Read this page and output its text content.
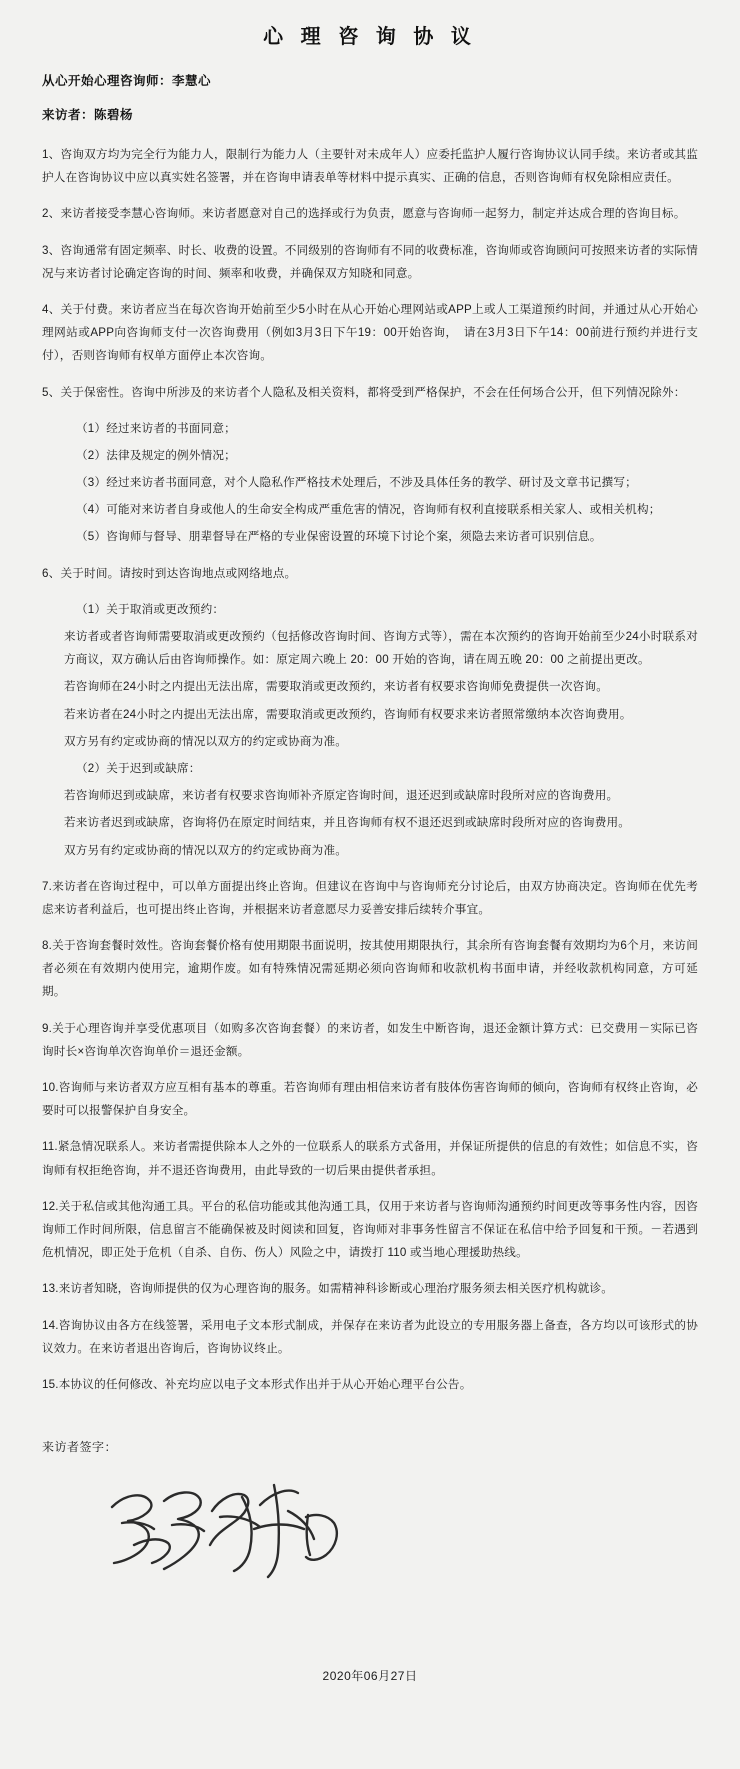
心 理 咨 询 协 议
从心开始心理咨询师：李慧心
来访者：陈碧杨

1、咨询双方均为完全行为能力人，限制行为能力人（主要针对未成年人）应委托监护人履行咨询协议认同手续。来访者或其监护人在咨询协议中应以真实姓名签署，并在咨询申请表单等材料中提示真实、正确的信息，否则咨询师有权免除相应责任。

2、来访者接受李慧心咨询师。来访者愿意对自己的选择或行为负责，愿意与咨询师一起努力，制定并达成合理的咨询目标。

3、咨询通常有固定频率、时长、收费的设置。不同级别的咨询师有不同的收费标准，咨询师或咨询顾问可按照来访者的实际情况与来访者讨论确定咨询的时间、频率和收费，并确保双方知晓和同意。

4、关于付费。来访者应当在每次咨询开始前至少5小时在从心开始心理网站或APP上或人工渠道预约时间，并通过从心开始心理网站或APP向咨询师支付一次咨询费用（例如3月3日下午19：00开始咨询，　请在3月3日下午14：00前进行预约并进行支付），否则咨询师有权单方面停止本次咨询。

5、关于保密性。咨询中所涉及的来访者个人隐私及相关资料，都将受到严格保护，不会在任何场合公开，但下列情况除外：

（1）经过来访者的书面同意；

（2）法律及规定的例外情况；

（3）经过来访者书面同意，对个人隐私作严格技术处理后，不涉及具体任务的教学、研讨及文章书记撰写；

（4）可能对来访者自身或他人的生命安全构成严重危害的情况，咨询师有权利直接联系相关家人、或相关机构；

（5）咨询师与督导、朋辈督导在严格的专业保密设置的环境下讨论个案，须隐去来访者可识别信息。

6、关于时间。请按时到达咨询地点或网络地点。

（1）关于取消或更改预约：

来访者或者咨询师需要取消或更改预约（包括修改咨询时间、咨询方式等），需在本次预约的咨询开始前至少24小时联系对方商议，双方确认后由咨询师操作。如：原定周六晚上 20：00 开始的咨询，请在周五晚 20：00 之前提出更改。

若咨询师在24小时之内提出无法出席，需要取消或更改预约，来访者有权要求咨询师免费提供一次咨询。

若来访者在24小时之内提出无法出席，需要取消或更改预约，咨询师有权要求来访者照常缴纳本次咨询费用。

双方另有约定或协商的情况以双方的约定或协商为准。

（2）关于迟到或缺席：

若咨询师迟到或缺席，来访者有权要求咨询师补齐原定咨询时间，退还迟到或缺席时段所对应的咨询费用。

若来访者迟到或缺席，咨询将仍在原定时间结束，并且咨询师有权不退还迟到或缺席时段所对应的咨询费用。

双方另有约定或协商的情况以双方的约定或协商为准。

7.来访者在咨询过程中，可以单方面提出终止咨询。但建议在咨询中与咨询师充分讨论后，由双方协商决定。咨询师在优先考虑来访者利益后，也可提出终止咨询，并根据来访者意愿尽力妥善安排后续转介事宜。

8.关于咨询套餐时效性。咨询套餐价格有使用期限书面说明，按其使用期限执行，其余所有咨询套餐有效期均为6个月，来访间者必须在有效期内使用完，逾期作废。如有特殊情况需延期必须向咨询师和收款机构书面申请，并经收款机构同意，方可延期。

9.关于心理咨询并享受优惠项目（如购多次咨询套餐）的来访者，如发生中断咨询，退还金额计算方式：已交费用－实际已咨询时长×咨询单次咨询单价＝退还金额。

10.咨询师与来访者双方应互相有基本的尊重。若咨询师有理由相信来访者有肢体伤害咨询师的倾向，咨询师有权终止咨询，必要时可以报警保护自身安全。

11.紧急情况联系人。来访者需提供除本人之外的一位联系人的联系方式备用，并保证所提供的信息的有效性；如信息不实，咨询师有权拒绝咨询，并不退还咨询费用，由此导致的一切后果由提供者承担。

12.关于私信或其他沟通工具。平台的私信功能或其他沟通工具，仅用于来访者与咨询师沟通预约时间更改等事务性内容，因咨询师工作时间所限，信息留言不能确保被及时阅读和回复，咨询师对非事务性留言不保证在私信中给予回复和干预。－若遇到危机情况，即正处于危机（自杀、自伤、伤人）风险之中，请拨打 110 或当地心理援助热线。

13.来访者知晓，咨询师提供的仅为心理咨询的服务。如需精神科诊断或心理治疗服务须去相关医疗机构就诊。

14.咨询协议由各方在线签署，采用电子文本形式制成，并保存在来访者为此设立的专用服务器上备查，各方均以可该形式的协议效力。在来访者退出咨询后，咨询协议终止。

15.本协议的任何修改、补充均应以电子文本形式作出并于从心开始心理平台公告。

来访者签字：
2020年06月27日
